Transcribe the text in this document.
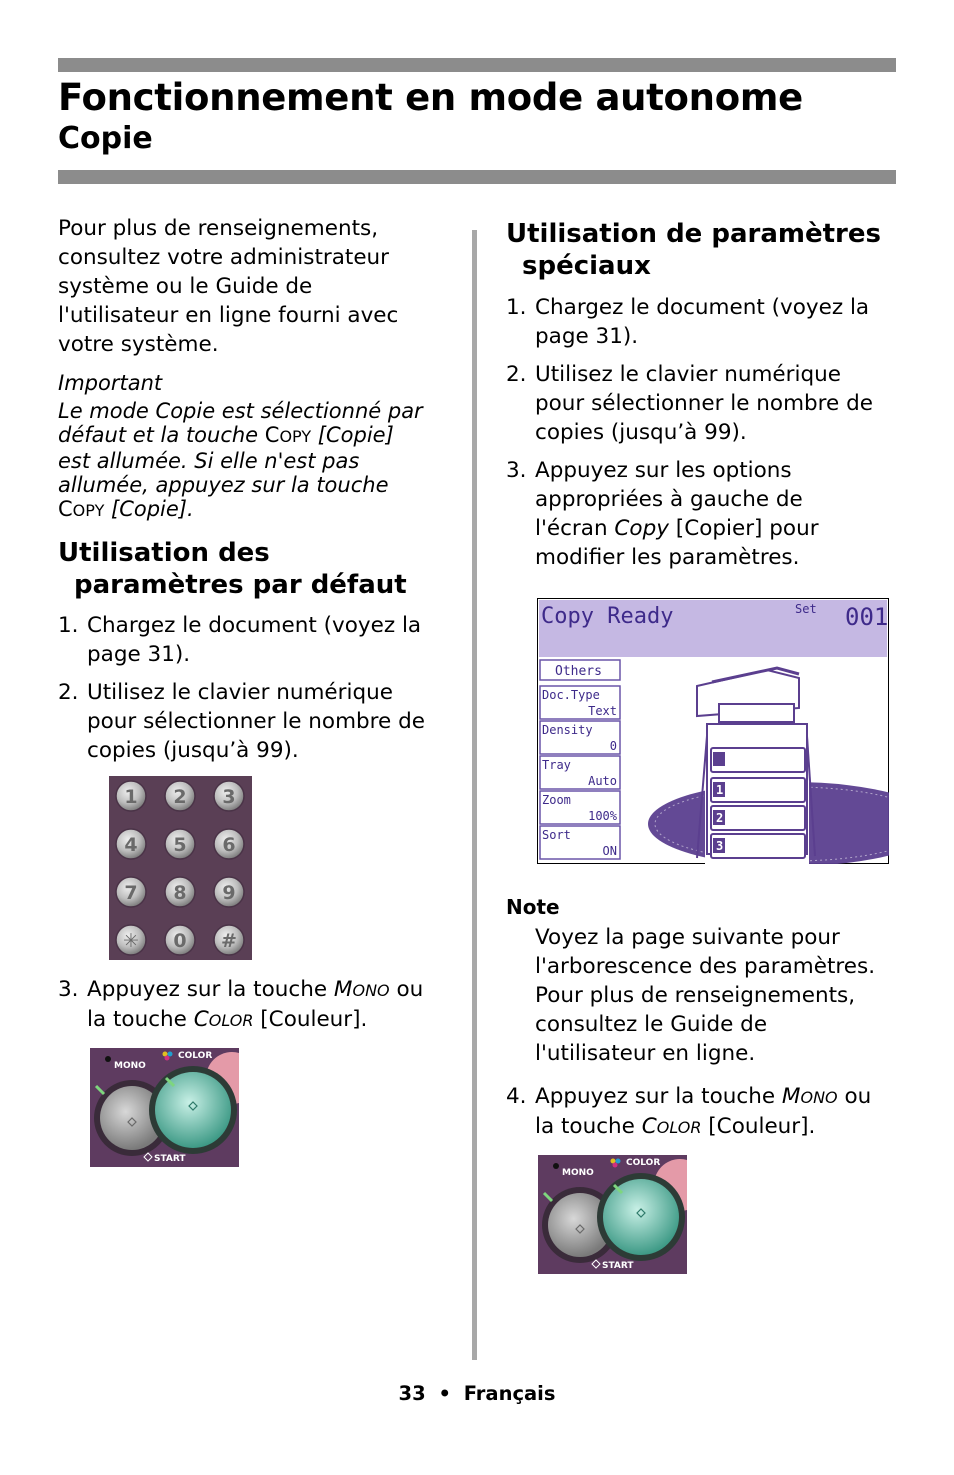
Fonctionnement en mode autonome
Copie

Pour plus de renseignements,
consultez votre administrateur
système ou le Guide de
l'utilisateur en ligne fourni avec
votre système.

Important

Le mode Copie est sélectionné par
défaut et la touche COPY [Copie]
est allumée. Si elle n'est pas
allumée, appuyez sur la touche
COPY [Copie].

Utilisation des
paramètres par défaut
1. Chargez le document (voyez la
page 31).
2. Utilisez le clavier numérique
pour sélectionner le nombre de
copies (jusqu’à 99).
1 2 3
4 5 6
7 8 9
✳ 0 #
3. Appuyez sur la touche MONO ou
la touche COLOR [Couleur].
MONO
COLOR
START
Utilisation de paramètres
spéciaux
1. Chargez le document (voyez la
page 31).
2. Utilisez le clavier numérique
pour sélectionner le nombre de
copies (jusqu’à 99).
3. Appuyez sur les options
appropriées à gauche de
l'écran Copy [Copier] pour
modifier les paramètres.
Copy Ready	Set 001
Others
Doc.Type
Text
Density
0
Tray
Auto
Zoom
100%
Sort
ON
1
2
3
Note

Voyez la page suivante pour
l'arborescence des paramètres.
Pour plus de renseignements,
consultez le Guide de
l'utilisateur en ligne.

4. Appuyez sur la touche MONO ou
la touche COLOR [Couleur].
MONO
COLOR
START
33 • Français
